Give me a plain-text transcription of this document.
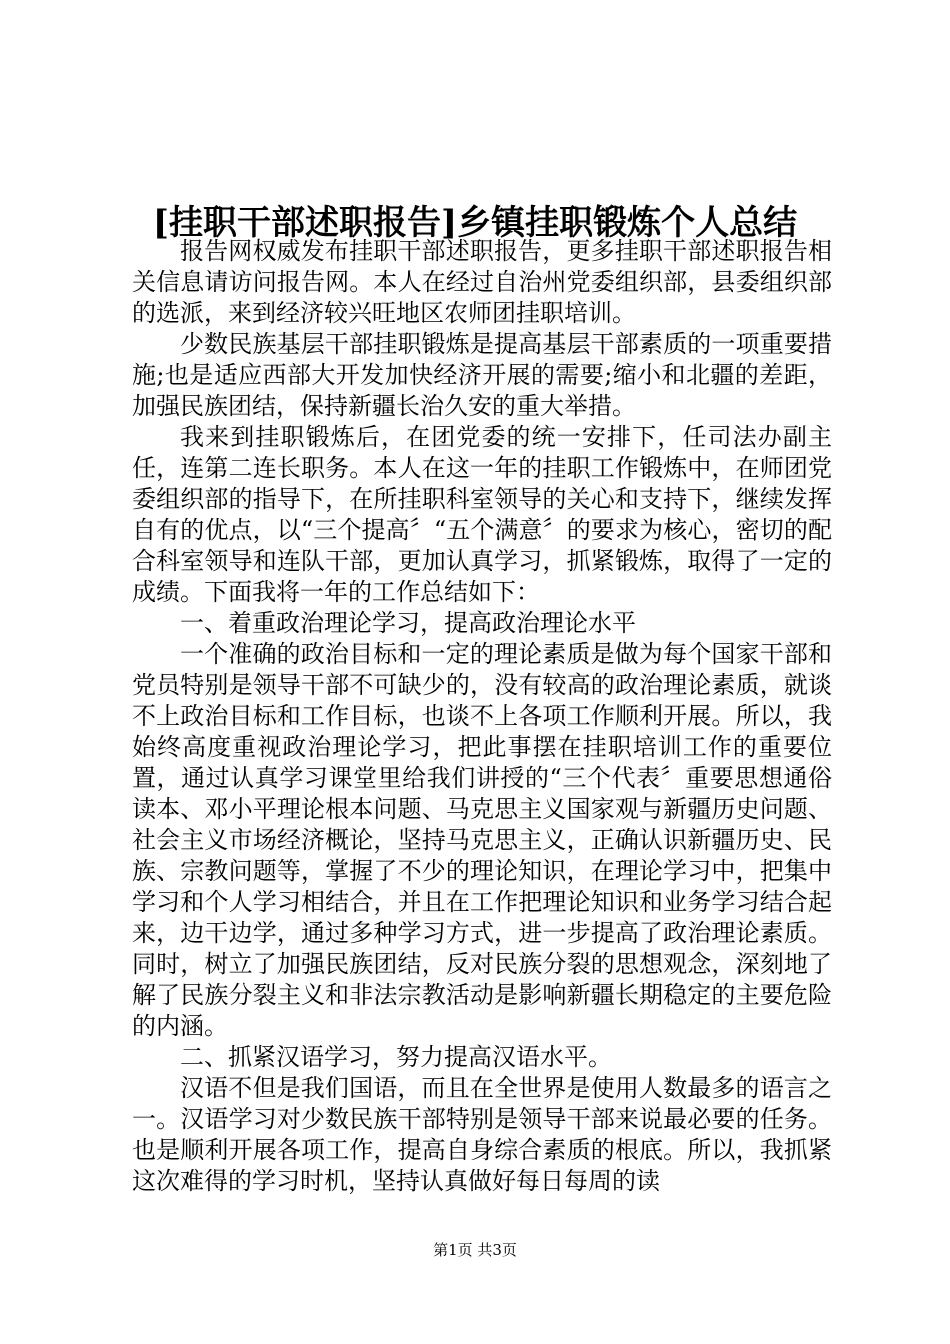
[挂职干部述职报告]乡镇挂职锻炼个人总结

报告网权威发布挂职干部述职报告，更多挂职干部述职报告相关信息请访问报告网。本人在经过自治州党委组织部，县委组织部的选派，来到经济较兴旺地区农师团挂职培训。

少数民族基层干部挂职锻炼是提高基层干部素质的一项重要措施;也是适应西部大开发加快经济开展的需要;缩小和北疆的差距，加强民族团结，保持新疆长治久安的重大举措。

我来到挂职锻炼后，在团党委的统一安排下，任司法办副主任，连第二连长职务。本人在这一年的挂职工作锻炼中，在师团党委组织部的指导下，在所挂职科室领导的关心和支持下，继续发挥自有的优点，以“三个提高〞“五个满意〞的要求为核心，密切的配合科室领导和连队干部，更加认真学习，抓紧锻炼，取得了一定的成绩。下面我将一年的工作总结如下：

一、着重政治理论学习，提高政治理论水平

一个准确的政治目标和一定的理论素质是做为每个国家干部和党员特别是领导干部不可缺少的，没有较高的政治理论素质，就谈不上政治目标和工作目标，也谈不上各项工作顺利开展。所以，我始终高度重视政治理论学习，把此事摆在挂职培训工作的重要位置，通过认真学习课堂里给我们讲授的“三个代表〞重要思想通俗读本、邓小平理论根本问题、马克思主义国家观与新疆历史问题、社会主义市场经济概论，坚持马克思主义，正确认识新疆历史、民族、宗教问题等，掌握了不少的理论知识，在理论学习中，把集中学习和个人学习相结合，并且在工作把理论知识和业务学习结合起来，边干边学，通过多种学习方式，进一步提高了政治理论素质。同时，树立了加强民族团结，反对民族分裂的思想观念，深刻地了解了民族分裂主义和非法宗教活动是影响新疆长期稳定的主要危险的内涵。

二、抓紧汉语学习，努力提高汉语水平。

汉语不但是我们国语，而且在全世界是使用人数最多的语言之一。汉语学习对少数民族干部特别是领导干部来说最必要的任务。也是顺利开展各项工作，提高自身综合素质的根底。所以，我抓紧这次难得的学习时机，坚持认真做好每日每周的读

第1页 共3页
